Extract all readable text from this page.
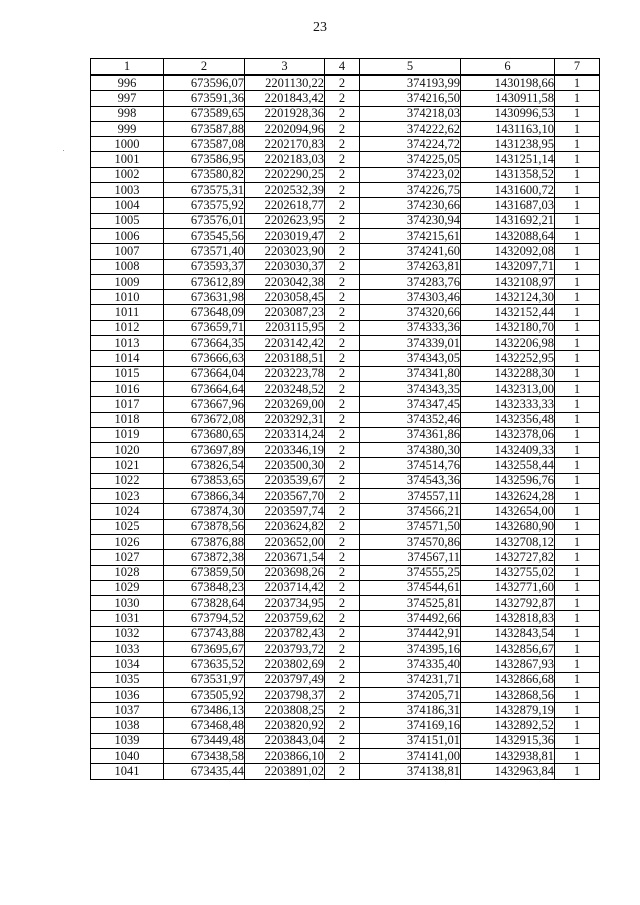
23
1	2	3	4	5	6	7
996	673596,07	2201130,22	2	374193,99	1430198,66	1
997	673591,36	2201843,42	2	374216,50	1430911,58	1
998	673589,65	2201928,36	2	374218,03	1430996,53	1
999	673587,88	2202094,96	2	374222,62	1431163,10	1
1000	673587,08	2202170,83	2	374224,72	1431238,95	1
1001	673586,95	2202183,03	2	374225,05	1431251,14	1
1002	673580,82	2202290,25	2	374223,02	1431358,52	1
1003	673575,31	2202532,39	2	374226,75	1431600,72	1
1004	673575,92	2202618,77	2	374230,66	1431687,03	1
1005	673576,01	2202623,95	2	374230,94	1431692,21	1
1006	673545,56	2203019,47	2	374215,61	1432088,64	1
1007	673571,40	2203023,90	2	374241,60	1432092,08	1
1008	673593,37	2203030,37	2	374263,81	1432097,71	1
1009	673612,89	2203042,38	2	374283,76	1432108,97	1
1010	673631,98	2203058,45	2	374303,46	1432124,30	1
1011	673648,09	2203087,23	2	374320,66	1432152,44	1
1012	673659,71	2203115,95	2	374333,36	1432180,70	1
1013	673664,35	2203142,42	2	374339,01	1432206,98	1
1014	673666,63	2203188,51	2	374343,05	1432252,95	1
1015	673664,04	2203223,78	2	374341,80	1432288,30	1
1016	673664,64	2203248,52	2	374343,35	1432313,00	1
1017	673667,96	2203269,00	2	374347,45	1432333,33	1
1018	673672,08	2203292,31	2	374352,46	1432356,48	1
1019	673680,65	2203314,24	2	374361,86	1432378,06	1
1020	673697,89	2203346,19	2	374380,30	1432409,33	1
1021	673826,54	2203500,30	2	374514,76	1432558,44	1
1022	673853,65	2203539,67	2	374543,36	1432596,76	1
1023	673866,34	2203567,70	2	374557,11	1432624,28	1
1024	673874,30	2203597,74	2	374566,21	1432654,00	1
1025	673878,56	2203624,82	2	374571,50	1432680,90	1
1026	673876,88	2203652,00	2	374570,86	1432708,12	1
1027	673872,38	2203671,54	2	374567,11	1432727,82	1
1028	673859,50	2203698,26	2	374555,25	1432755,02	1
1029	673848,23	2203714,42	2	374544,61	1432771,60	1
1030	673828,64	2203734,95	2	374525,81	1432792,87	1
1031	673794,52	2203759,62	2	374492,66	1432818,83	1
1032	673743,88	2203782,43	2	374442,91	1432843,54	1
1033	673695,67	2203793,72	2	374395,16	1432856,67	1
1034	673635,52	2203802,69	2	374335,40	1432867,93	1
1035	673531,97	2203797,49	2	374231,71	1432866,68	1
1036	673505,92	2203798,37	2	374205,71	1432868,56	1
1037	673486,13	2203808,25	2	374186,31	1432879,19	1
1038	673468,48	2203820,92	2	374169,16	1432892,52	1
1039	673449,48	2203843,04	2	374151,01	1432915,36	1
1040	673438,58	2203866,10	2	374141,00	1432938,81	1
1041	673435,44	2203891,02	2	374138,81	1432963,84	1
